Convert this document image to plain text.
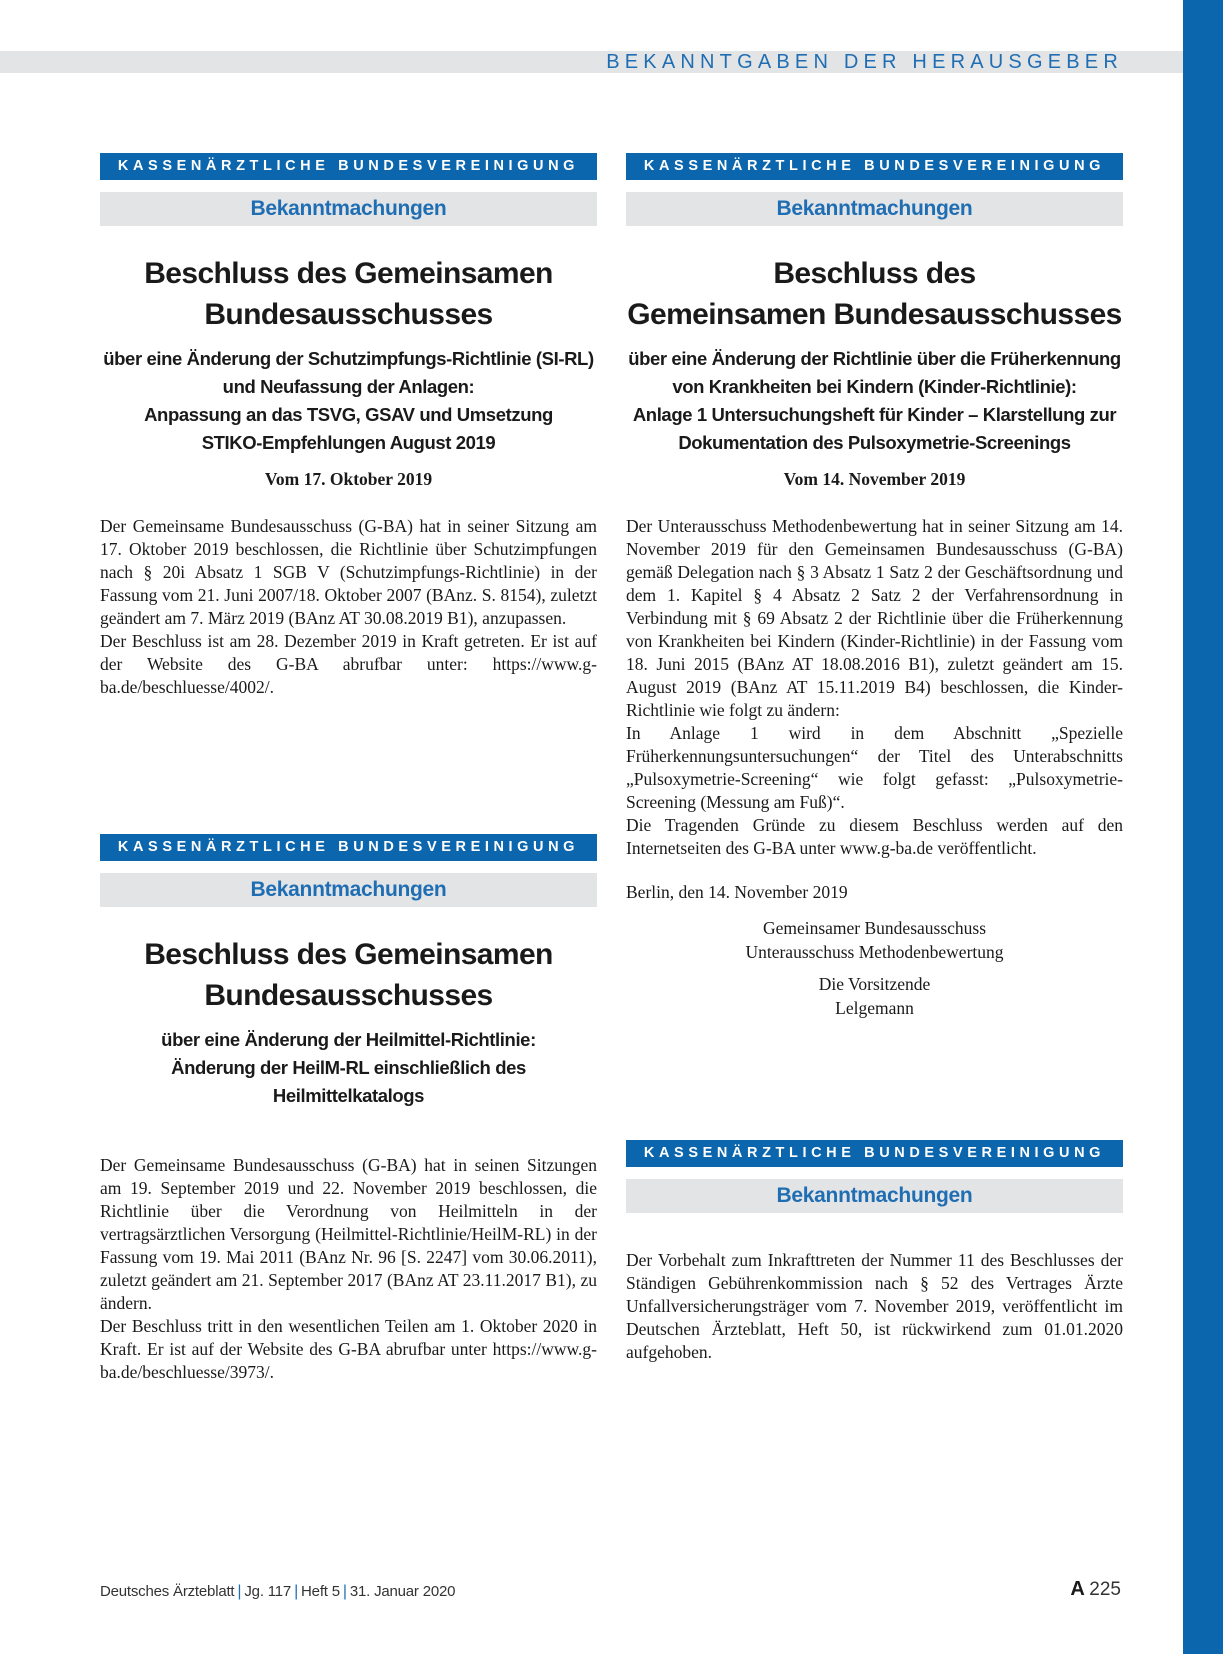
BEKANNTGABEN DER HERAUSGEBER
KASSENÄRZTLICHE BUNDESVEREINIGUNG
Bekanntmachungen
Beschluss des Gemeinsamen
Bundesausschusses
über eine Änderung der Schutzimpfungs-Richtlinie (SI-RL)
und Neufassung der Anlagen:
Anpassung an das TSVG, GSAV und Umsetzung
STIKO-Empfehlungen August 2019
Vom 17. Oktober 2019

Der Gemeinsame Bundesausschuss (G-BA) hat in seiner Sitzung am 17. Oktober 2019 beschlossen, die Richtlinie über Schutzimpfungen nach § 20i Absatz 1 SGB V (Schutzimpfungs-Richtlinie) in der Fassung vom 21. Juni 2007/18. Oktober 2007 (BAnz. S. 8154), zuletzt geändert am 7. März 2019 (BAnz AT 30.08.2019 B1), anzupassen.

Der Beschluss ist am 28. Dezember 2019 in Kraft getreten. Er ist auf der Website des G-BA abrufbar unter: https://www.g-ba.de/beschluesse/4002/.

KASSENÄRZTLICHE BUNDESVEREINIGUNG
Bekanntmachungen
Beschluss des Gemeinsamen
Bundesausschusses
über eine Änderung der Heilmittel-Richtlinie:
Änderung der HeilM-RL einschließlich des Heilmittelkatalogs

Der Gemeinsame Bundesausschuss (G-BA) hat in seinen Sitzungen am 19. September 2019 und 22. November 2019 beschlossen, die Richtlinie über die Verordnung von Heilmitteln in der vertragsärztlichen Versorgung (Heilmittel-Richtlinie/HeilM-RL) in der Fassung vom 19. Mai 2011 (BAnz Nr. 96 [S. 2247] vom 30.06.2011), zuletzt geändert am 21. September 2017 (BAnz AT 23.11.2017 B1), zu ändern.

Der Beschluss tritt in den wesentlichen Teilen am 1. Oktober 2020 in Kraft. Er ist auf der Website des G-BA abrufbar unter https://www.g-ba.de/beschluesse/3973/.

KASSENÄRZTLICHE BUNDESVEREINIGUNG
Bekanntmachungen
Beschluss des
Gemeinsamen Bundesausschusses
über eine Änderung der Richtlinie über die Früherkennung
von Krankheiten bei Kindern (Kinder-Richtlinie):
Anlage 1 Untersuchungsheft für Kinder – Klarstellung zur
Dokumentation des Pulsoxymetrie-Screenings
Vom 14. November 2019

Der Unterausschuss Methodenbewertung hat in seiner Sitzung am 14. November 2019 für den Gemeinsamen Bundesausschuss (G-BA) gemäß Delegation nach § 3 Absatz 1 Satz 2 der Geschäftsordnung und dem 1. Kapitel § 4 Absatz 2 Satz 2 der Verfahrensordnung in Verbindung mit § 69 Absatz 2 der Richtlinie über die Früherkennung von Krankheiten bei Kindern (Kinder-Richtlinie) in der Fassung vom 18. Juni 2015 (BAnz AT 18.08.2016 B1), zuletzt geändert am 15. August 2019 (BAnz AT 15.11.2019 B4) beschlossen, die Kinder-Richtlinie wie folgt zu ändern:

In Anlage 1 wird in dem Abschnitt „Spezielle Früherkennungsuntersuchungen“ der Titel des Unterabschnitts „Pulsoxymetrie-Screening“ wie folgt gefasst: „Pulsoxymetrie-Screening (Messung am Fuß)“.

Die Tragenden Gründe zu diesem Beschluss werden auf den Internetseiten des G-BA unter www.g-ba.de veröffentlicht.

Berlin, den 14. November 2019
Gemeinsamer Bundesausschuss
Unterausschuss Methodenbewertung
Die Vorsitzende
Lelgemann
KASSENÄRZTLICHE BUNDESVEREINIGUNG
Bekanntmachungen

Der Vorbehalt zum Inkrafttreten der Nummer 11 des Beschlusses der Ständigen Gebührenkommission nach § 52 des Vertrages Ärzte Unfallversicherungsträger vom 7. November 2019, veröffentlicht im Deutschen Ärzteblatt, Heft 50, ist rückwirkend zum 01.01.2020 aufgehoben.

Deutsches Ärzteblatt | Jg. 117 | Heft 5 | 31. Januar 2020	A 225
